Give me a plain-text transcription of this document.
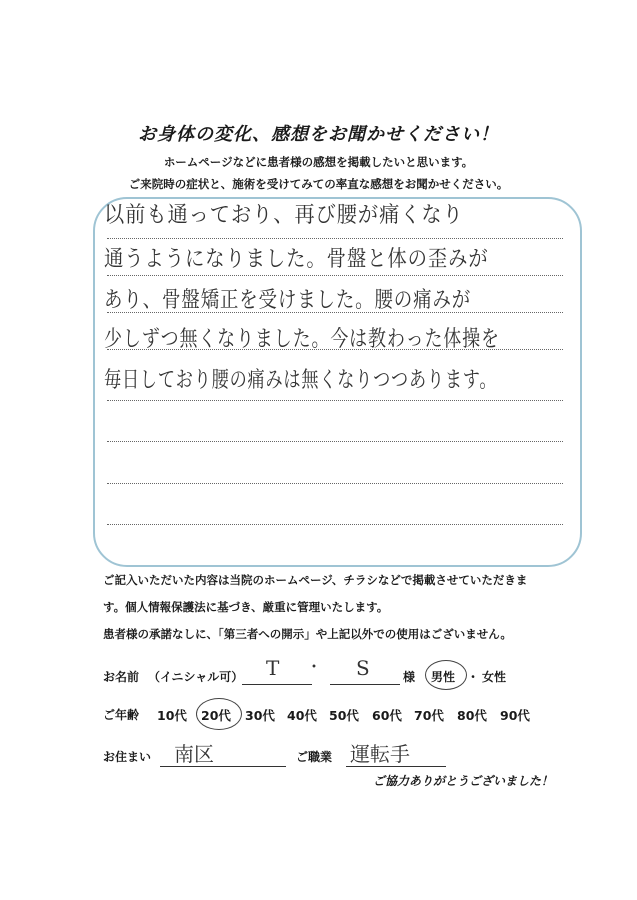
お身体の変化、感想をお聞かせください！
ホームページなどに患者様の感想を掲載したいと思います。
ご来院時の症状と、施術を受けてみての率直な感想をお聞かせください。
以前も通っており、再び腰が痛くなり
通うようになりました。骨盤と体の歪みが
あり、骨盤矯正を受けました。腰の痛みが
少しずつ無くなりました。今は教わった体操を
毎日しており腰の痛みは無くなりつつあります。
ご記入いただいた内容は当院のホームページ、チラシなどで掲載させていただきま
す。個人情報保護法に基づき、厳重に管理いたします。
患者様の承諾なしに、「第三者への開示」や上記以外での使用はございません。
お名前 （イニシャル可） T ・ S	様 男性 ・ 女性
ご年齢 10代 20代 30代 40代 50代 60代 70代 80代 90代
お住まい 南区	ご職業 運転手
ご協力ありがとうございました！
